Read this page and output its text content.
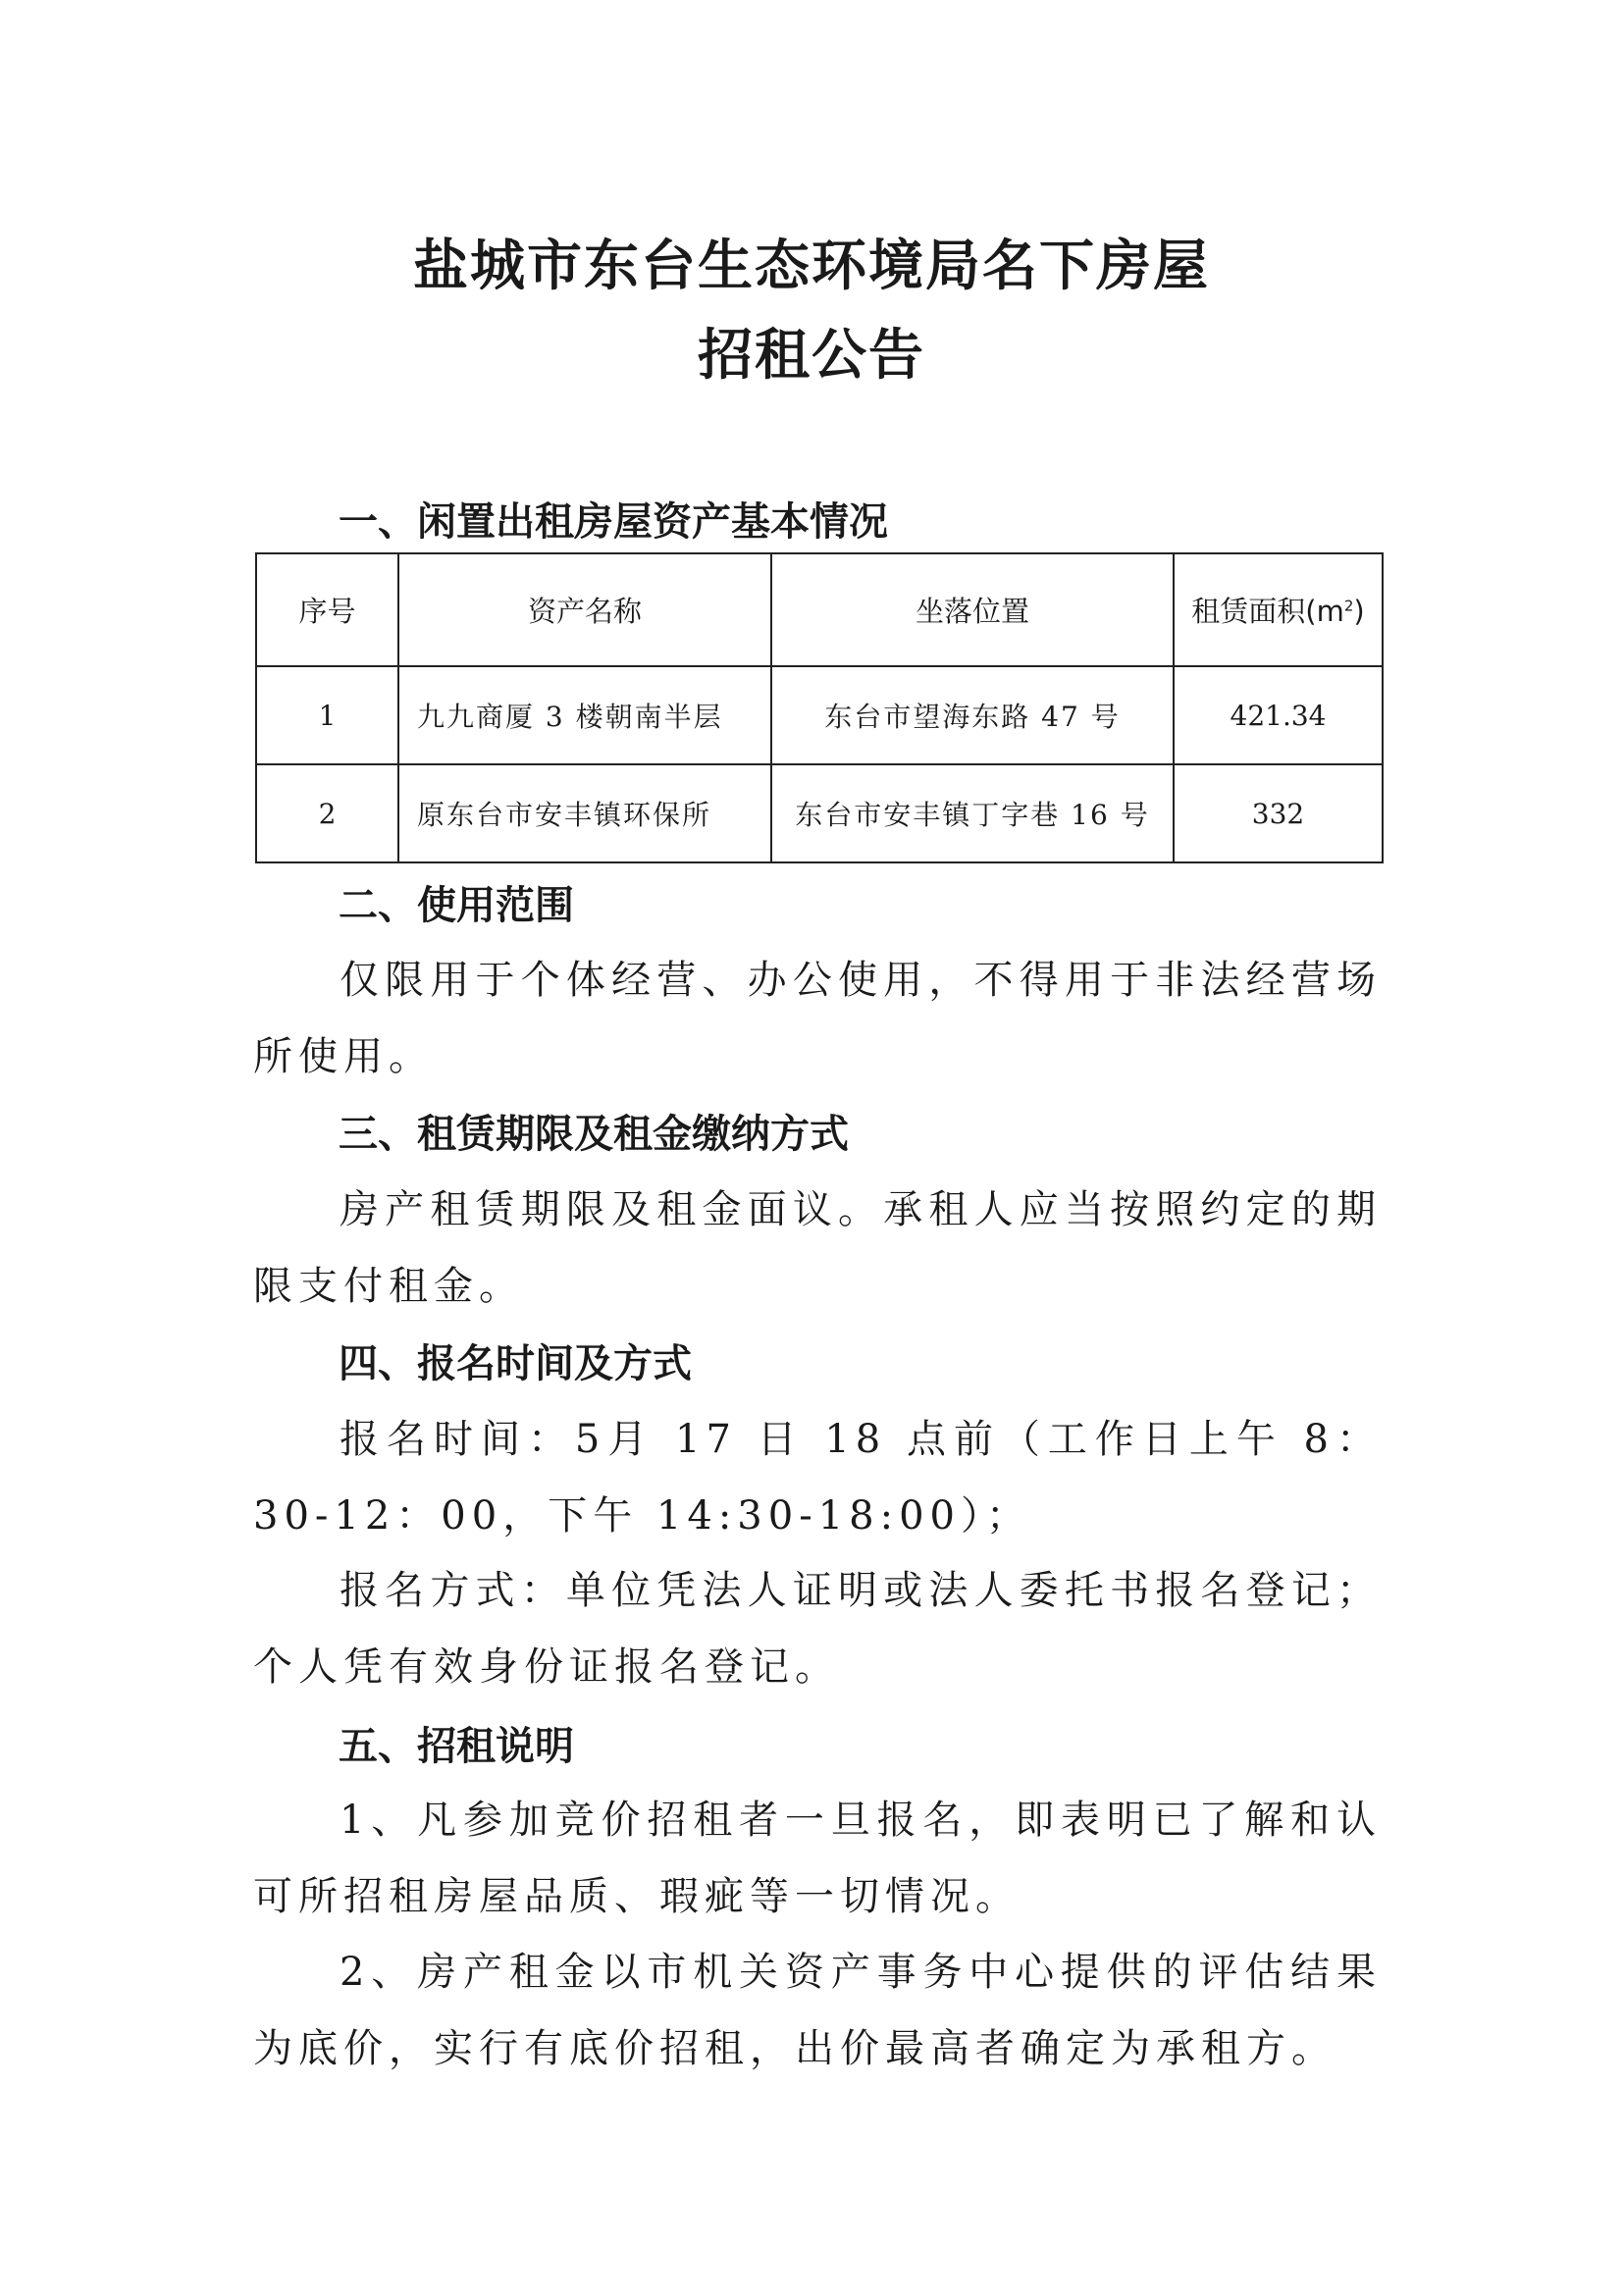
盐城市东台生态环境局名下房屋
招租公告
一、闲置出租房屋资产基本情况
序号	资产名称	坐落位置	租赁面积$(m^2)$
1	九九商厦 3 楼朝南半层	东台市望海东路 47 号	421.34
2	原东台市安丰镇环保所	东台市安丰镇丁字巷 16 号	332
二、使用范围
仅限用于个体经营、办公使用，不得用于非法经营场所使用。
三、租赁期限及租金缴纳方式
房产租赁期限及租金面议。承租人应当按照约定的期限支付租金。
四、报名时间及方式
报名时间：5月 17 日 18 点前（工作日上午 8：30-12：00，下午 14:30-18:00）；
报名方式：单位凭法人证明或法人委托书报名登记；个人凭有效身份证报名登记。
五、招租说明
1、凡参加竞价招租者一旦报名，即表明已了解和认可所招租房屋品质、瑕疵等一切情况。
2、房产租金以市机关资产事务中心提供的评估结果为底价，实行有底价招租，出价最高者确定为承租方。
